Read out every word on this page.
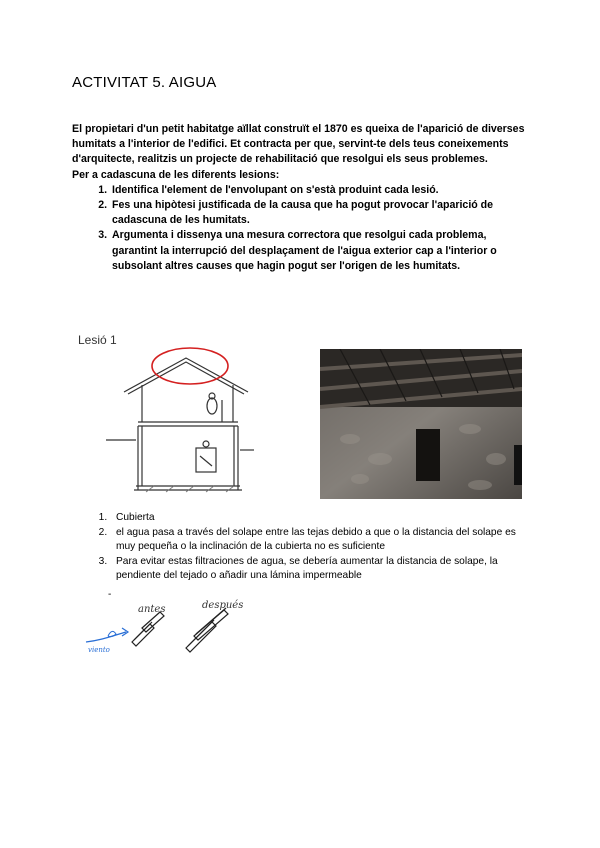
ACTIVITAT 5. AIGUA

El propietari d'un petit habitatge aïllat construït el 1870 es queixa de l'aparició de diverses humitats a l'interior de l'edifici. Et contracta per que, servint-te dels teus coneixements d'arquitecte, realitzis un projecte de rehabilitació que resolgui els seus problemes.

Per a cadascuna de les diferents lesions:

1. Identifica l'element de l'envolupant on s'està produint cada lesió.
2. Fes una hipòtesi justificada de la causa que ha pogut provocar l'aparició de cadascuna de les humitats.
3. Argumenta i dissenya una mesura correctora que resolgui cada problema, garantint la interrupció del desplaçament de l'aigua exterior cap a l'interior o subsolant altres causes que hagin pogut ser l'origen de les humitats.
Lesió 1
1. Cubierta
2. el agua pasa a través del solape entre las tejas debido a que o la distancia del solape es muy pequeña o la inclinación de la cubierta no es suficiente
3. Para evitar estas filtraciones de agua, se debería aumentar la distancia de solape, la pendiente del tejado o añadir una lámina impermeable
-
antes	después
viento
